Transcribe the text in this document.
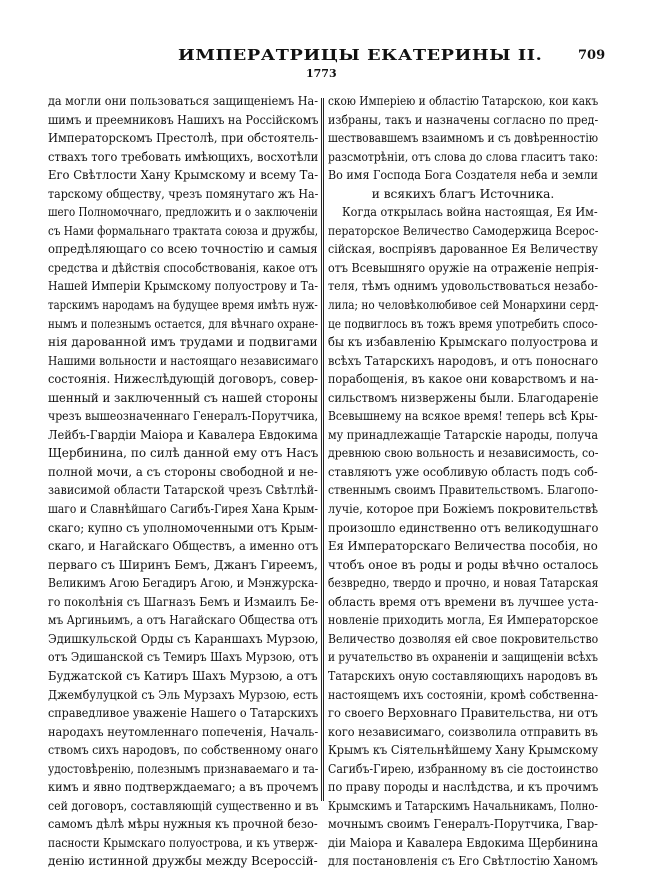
ИМПЕРАТРИЦЫ ЕКАТЕРИНЫ II.	709
1773
да могли они пользоваться защищеніемъ На-
шимъ и преемниковъ Нашихъ на Россійскомъ
Императорскомъ Престолѣ, при обстоятель-
ствахъ того требовать имѣющихъ, восхотѣли
Его Свѣтлости Хану Крымскому и всему Та-
тарскому обществу, чрезъ помянутаго жъ На-
шего Полномочнаго, предложить и о заключеніи
съ Нами формальнаго трактата союза и дружбы,
опредѣляющаго со всею точностію и самыя
средства и дѣйствія способствованія, какое отъ
Нашей Имперіи Крымскому полуострову и Та-
тарскимъ народамъ на будущее время имѣть нуж-
нымъ и полезнымъ остается, для вѣчнаго охране-
нія дарованной имъ трудами и подвигами
Нашими вольности и настоящаго независимаго
состоянія. Нижеслѣдующій договоръ, совер-
шенный и заключенный съ нашей стороны
чрезъ вышеозначеннаго Генералъ-Порутчика,
Лейбъ-Гвардіи Маіора и Кавалера Евдокима
Щербинина, по силѣ данной ему отъ Насъ
полной мочи, а съ стороны свободной и не-
зависимой области Татарской чрезъ Свѣтлѣй-
шаго и Славнѣйшаго Сагибъ-Гирея Хана Крым-
скаго; купно съ уполномоченными отъ Крым-
скаго, и Нагайскаго Обществъ, а именно отъ
перваго съ Ширинъ Бемъ, Джанъ Гиреемъ,
Великимъ Агою Бегадиръ Агою, и Мэнжурска-
го поколѣнія съ Шагназъ Бемъ и Измаилъ Бе-
мъ Аргиньимъ, а отъ Нагайскаго Общества отъ
Эдишкульской Орды съ Караншахъ Мурзою,
отъ Эдишанской съ Темиръ Шахъ Мурзою, отъ
Буджатской съ Катиръ Шахъ Мурзою, а отъ
Джембулуцкой съ Эль Мурзахъ Мурзою, есть
справедливое уваженіе Нашего о Татарскихъ
народахъ неутомленнаго попеченія, Началь-
ствомъ сихъ народовъ, по собственному онаго
удостовѣренію, полезнымъ признаваемаго и та-
кимъ и явно подтверждаемаго; а въ прочемъ
сей договоръ, составляющій существенно и въ
самомъ дѣлѣ мѣры нужныя къ прочной безо-
пасности Крымскаго полуострова, и къ утверж-
денію истинной дружбы между Всероссій-
скою Имперіею и областію Татарскою, кои какъ
избраны, такъ и назначены согласно по пред-
шествовавшемъ взаимномъ и съ довѣренностію
разсмотрѣніи, отъ слова до слова гласитъ тако:
Во имя Господа Бога Создателя неба и земли
и всякихъ благъ Источника.
Когда открылась война настоящая, Ея Им-
ператорское Величество Самодержица Всерос-
сійская, воспріявъ дарованное Ея Величеству
отъ Всевышняго оружіе на отраженіе непрія-
теля, тѣмъ однимъ удовольствоваться незабо-
лила; но человѣколюбивое сей Монархини серд-
це подвиглось въ тожъ время употребить спосо-
бы къ избавленію Крымскаго полуострова и
всѣхъ Татарскихъ народовъ, и отъ поноснаго
порабощенія, въ какое они коварствомъ и на-
сильствомъ низвержены были. Благодареніе
Всевышнему на всякое время! теперь всѣ Кры-
му принадлежащіе Татарскіе народы, получа
древнюю свою вольность и независимость, со-
ставляютъ уже особливую область подъ соб-
ственнымъ своимъ Правительствомъ. Благопо-
лучіе, которое при Божіемъ покровительствѣ
произошло единственно отъ великодушнаго
Ея Императорскаго Величества пособія, но
чтобъ оное въ роды и роды вѣчно осталось
безвредно, твердо и прочно, и новая Татарская
область время отъ времени въ лучшее уста-
новленіе приходить могла, Ея Императорское
Величество дозволяя ей свое покровительство
и ручательство въ охраненіи и защищеніи всѣхъ
Татарскихъ оную составляющихъ народовъ въ
настоящемъ ихъ состояніи, кромѣ собственна-
го своего Верховнаго Правительства, ни отъ
кого независимаго, соизволила отправить въ
Крымъ къ Сіятельнѣйшему Хану Крымскому
Сагибъ-Гирею, избранному въ сіе достоинство
по праву породы и наслѣдства, и къ прочимъ
Крымскимъ и Татарскимъ Начальникамъ, Полно-
мочнымъ своимъ Генералъ-Порутчика, Гвар-
діи Маіора и Кавалера Евдокима Щербинина
для постановленія съ Его Свѣтлостію Ханомъ
